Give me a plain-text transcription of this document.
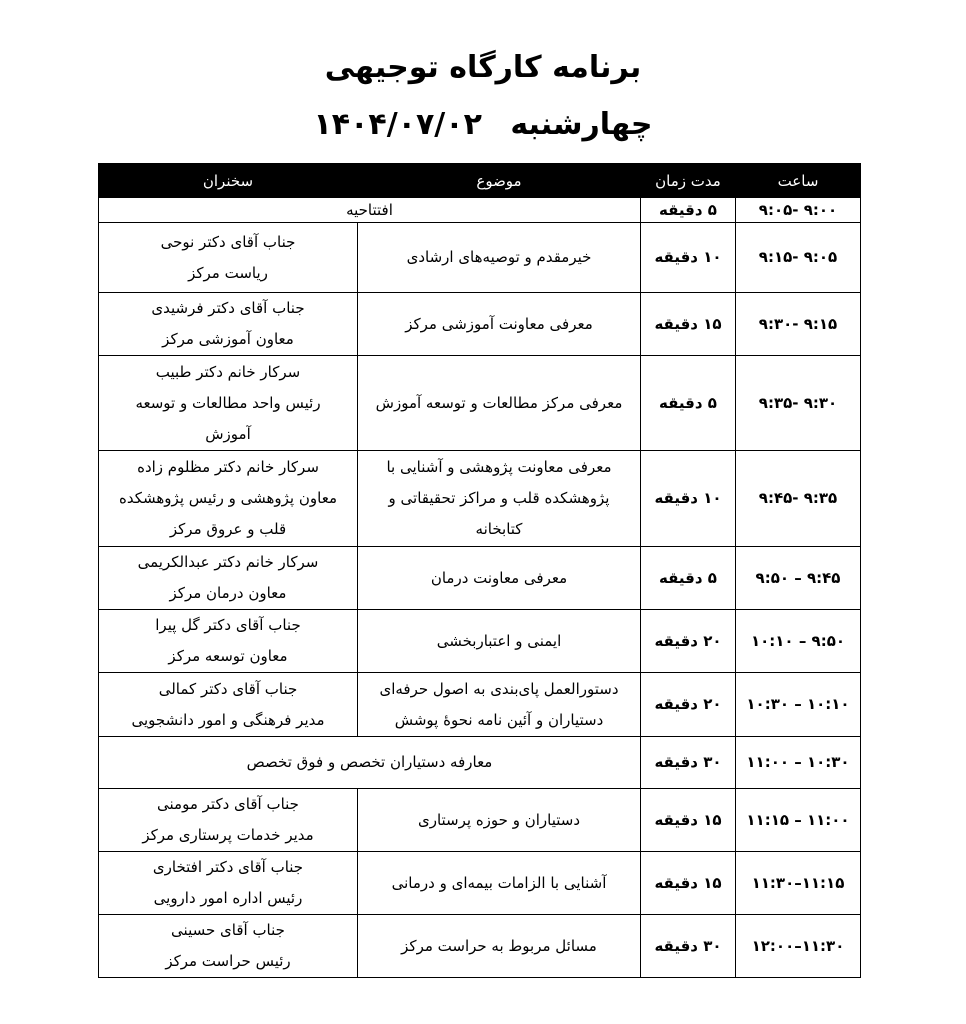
برنامه کارگاه توجیهی
چهارشنبه ۱۴۰۴/۰۷/۰۲
ساعت	مدت زمان	موضوع	سخنران
۹:۰۰ -۹:۰۵	۵ دقیقه	افتتاحیه	
۹:۰۵ -۹:۱۵	۱۰ دقیقه	خیرمقدم و توصیه‌های ارشادی	جناب آقای دکتر نوحی
ریاست مرکز

۹:۱۵ -۹:۳۰	۱۵ دقیقه	معرفی معاونت آموزشی مرکز	جناب آقای دکتر فرشیدی
معاون آموزشی مرکز

۹:۳۰ -۹:۳۵	۵ دقیقه	معرفی مرکز مطالعات و توسعه آموزش	سرکار خانم دکتر طبیب
رئیس واحد مطالعات و توسعه
آموزش

۹:۳۵ -۹:۴۵	۱۰ دقیقه	معرفی معاونت پژوهشی و آشنایی با
پژوهشکده قلب و مراکز تحقیقاتی و
کتابخانه	سرکار خانم دکتر مظلوم زاده
معاون پژوهشی و رئیس پژوهشکده
قلب و عروق مرکز

۹:۴۵ – ۹:۵۰	۵ دقیقه	معرفی معاونت درمان	سرکار خانم دکتر عبدالکریمی
معاون درمان مرکز

۹:۵۰ – ۱۰:۱۰	۲۰ دقیقه	ایمنی و اعتباربخشی	جناب آقای دکتر گل پیرا
معاون توسعه مرکز

۱۰:۱۰ – ۱۰:۳۰	۲۰ دقیقه	دستورالعمل پای‌بندی به اصول حرفه‌ای
دستیاران و آئین نامه نحوهٔ پوشش	جناب آقای دکتر کمالی
مدیر فرهنگی و امور دانشجویی

۱۰:۳۰ – ۱۱:۰۰	۳۰ دقیقه	معارفه دستیاران تخصص و فوق تخصص	
۱۱:۰۰ – ۱۱:۱۵	۱۵ دقیقه	دستیاران و حوزه پرستاری	جناب آقای دکتر مومنی
مدیر خدمات پرستاری مرکز

۱۱:۱۵–۱۱:۳۰	۱۵ دقیقه	آشنایی با الزامات بیمه‌ای و درمانی	جناب آقای دکتر افتخاری
رئیس اداره امور دارویی

۱۱:۳۰–۱۲:۰۰	۳۰ دقیقه	مسائل مربوط به حراست مرکز	جناب آقای حسینی
رئیس حراست مرکز
